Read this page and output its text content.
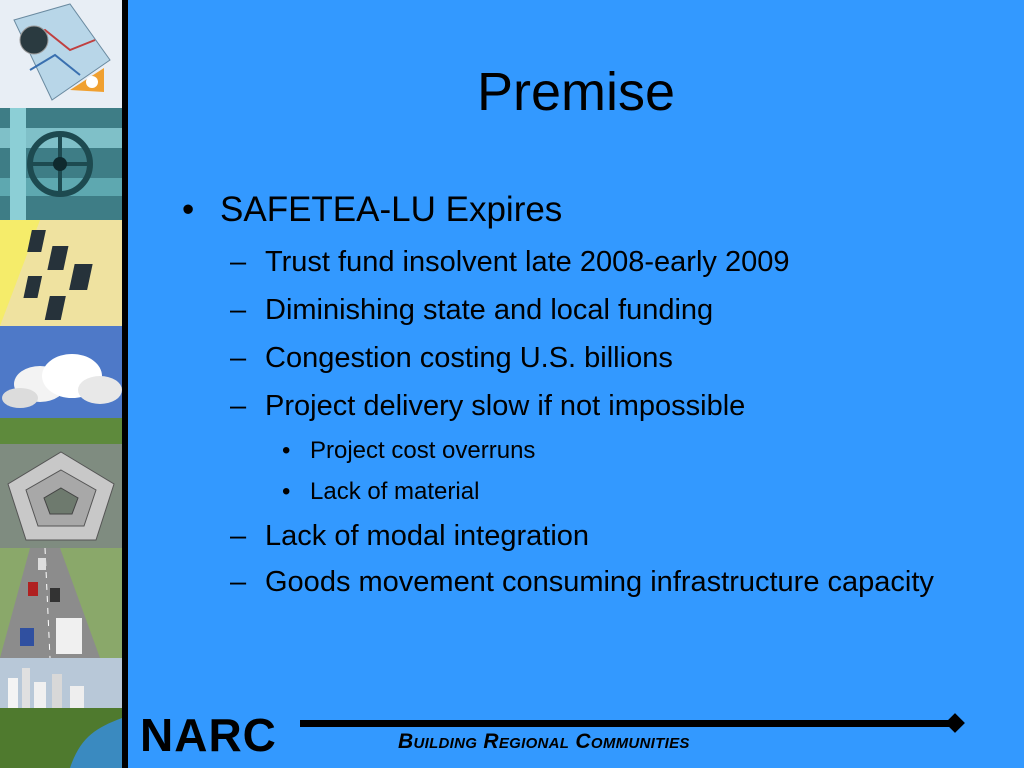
Premise
• SAFETEA-LU Expires
– Trust fund insolvent late 2008-early 2009
– Diminishing state and local funding
– Congestion costing U.S. billions
– Project delivery slow if not impossible
• Project cost overruns
• Lack of material
– Lack of modal integration
– Goods movement consuming infrastructure capacity
NARC	Building Regional Communities
